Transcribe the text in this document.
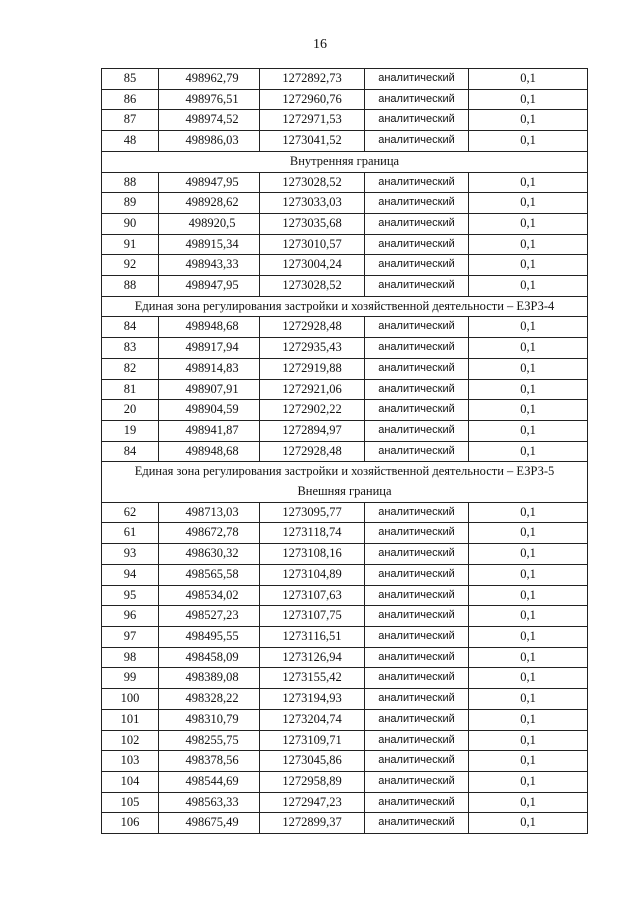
16
85	498962,79	1272892,73	аналитический	0,1
86	498976,51	1272960,76	аналитический	0,1
87	498974,52	1272971,53	аналитический	0,1
48	498986,03	1273041,52	аналитический	0,1

Внутренняя граница				

88	498947,95	1273028,52	аналитический	0,1
89	498928,62	1273033,03	аналитический	0,1
90	498920,5	1273035,68	аналитический	0,1
91	498915,34	1273010,57	аналитический	0,1
92	498943,33	1273004,24	аналитический	0,1
88	498947,95	1273028,52	аналитический	0,1

Единая зона регулирования застройки и хозяйственной деятельности – ЕЗРЗ-4				

84	498948,68	1272928,48	аналитический	0,1
83	498917,94	1272935,43	аналитический	0,1
82	498914,83	1272919,88	аналитический	0,1
81	498907,91	1272921,06	аналитический	0,1
20	498904,59	1272902,22	аналитический	0,1
19	498941,87	1272894,97	аналитический	0,1
84	498948,68	1272928,48	аналитический	0,1

Единая зона регулирования застройки и хозяйственной деятельности – ЕЗРЗ-5
Внешняя граница				

62	498713,03	1273095,77	аналитический	0,1
61	498672,78	1273118,74	аналитический	0,1
93	498630,32	1273108,16	аналитический	0,1
94	498565,58	1273104,89	аналитический	0,1
95	498534,02	1273107,63	аналитический	0,1
96	498527,23	1273107,75	аналитический	0,1
97	498495,55	1273116,51	аналитический	0,1
98	498458,09	1273126,94	аналитический	0,1
99	498389,08	1273155,42	аналитический	0,1
100	498328,22	1273194,93	аналитический	0,1
101	498310,79	1273204,74	аналитический	0,1
102	498255,75	1273109,71	аналитический	0,1
103	498378,56	1273045,86	аналитический	0,1
104	498544,69	1272958,89	аналитический	0,1
105	498563,33	1272947,23	аналитический	0,1
106	498675,49	1272899,37	аналитический	0,1
